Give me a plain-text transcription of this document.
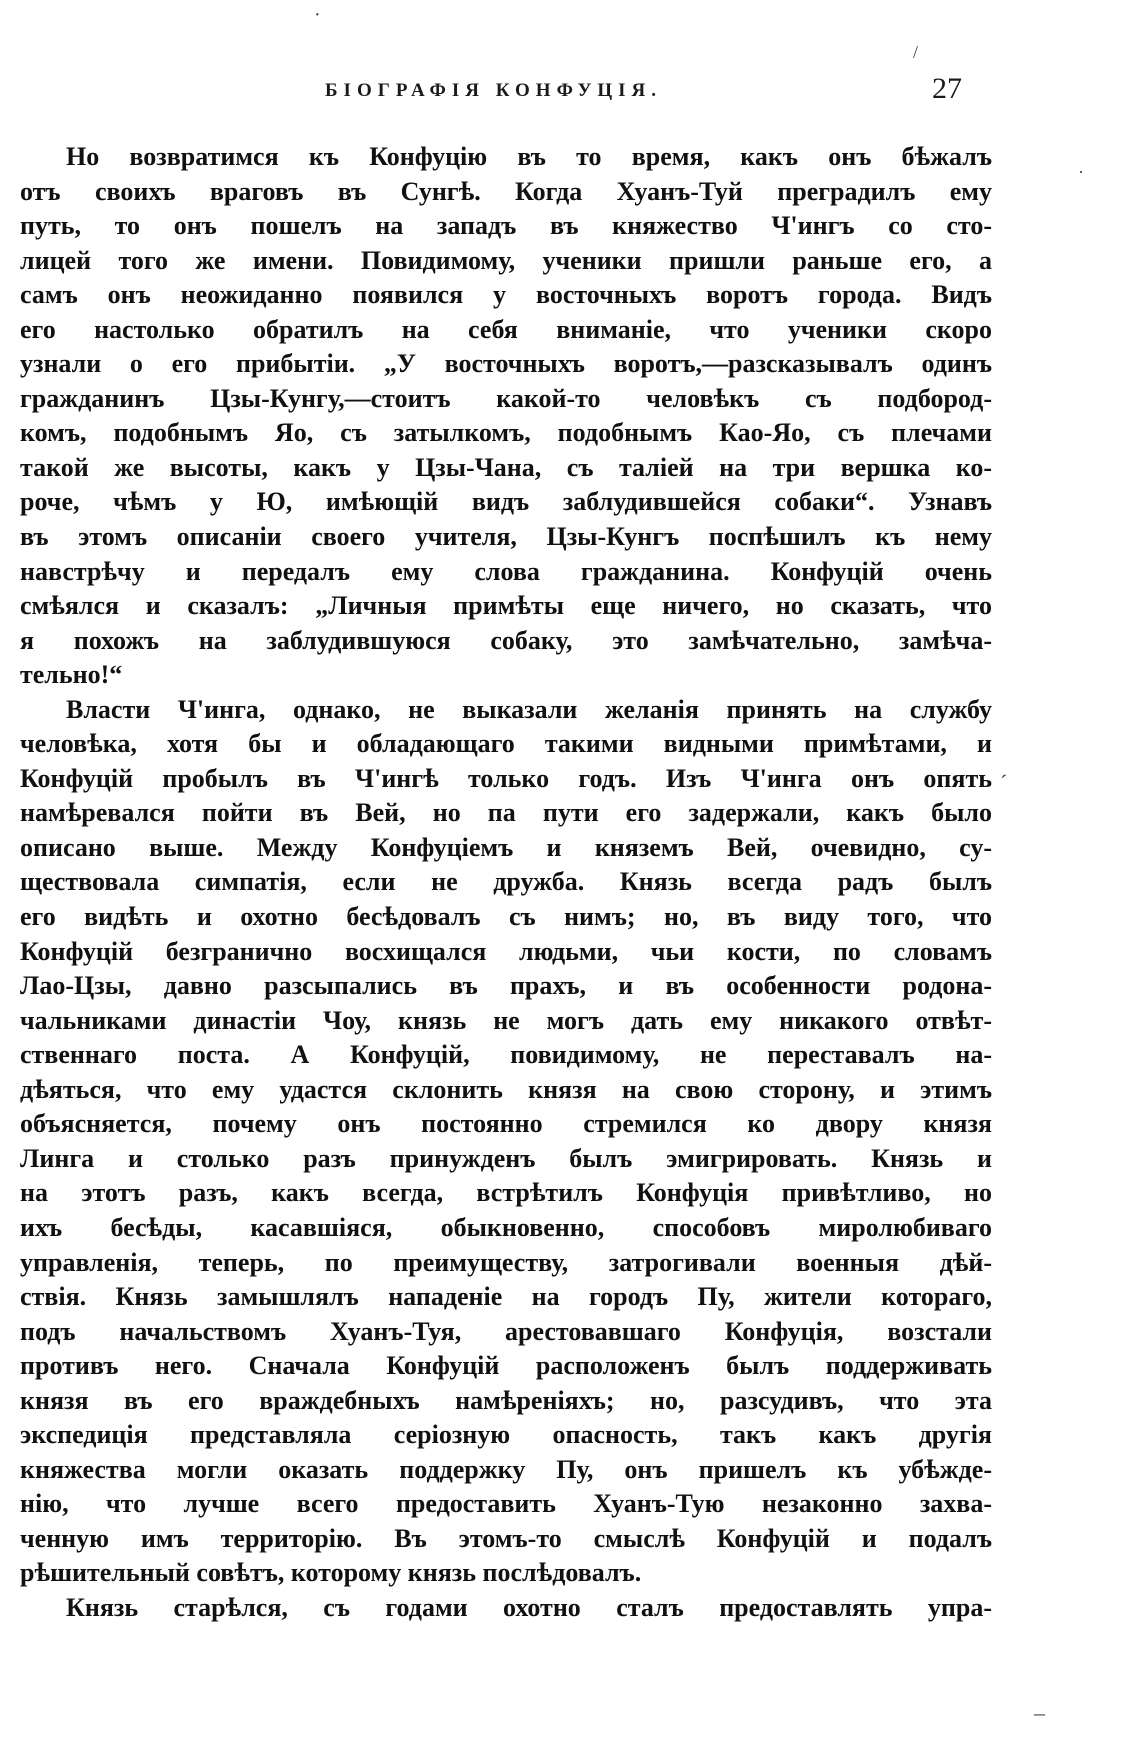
·
/
БІОГРАФІЯ КОНФУЦІЯ.	27
Но возвратимся къ Конфуцію въ то время, какъ онъ бѣжалъ
отъ своихъ враговъ въ Сунгѣ. Когда Хуанъ-Туй преградилъ ему
путь, то онъ пошелъ на западъ въ княжество Ч'ингъ со сто-
лицей того же имени. Повидимому, ученики пришли раньше его, а
самъ онъ неожиданно появился у восточныхъ воротъ города. Видъ
его настолько обратилъ на себя вниманіе, что ученики скоро
узнали о его прибытіи. „У восточныхъ воротъ,—разсказывалъ одинъ
гражданинъ Цзы-Кунгу,—стоитъ какой-то человѣкъ съ подбород-
комъ, подобнымъ Яо, съ затылкомъ, подобнымъ Као-Яо, съ плечами
такой же высоты, какъ у Цзы-Чана, съ таліей на три вершка ко-
роче, чѣмъ у Ю, имѣющій видъ заблудившейся собаки“. Узнавъ
въ этомъ описаніи своего учителя, Цзы-Кунгъ поспѣшилъ къ нему
навстрѣчу и передалъ ему слова гражданина. Конфуцій очень
смѣялся и сказалъ: „Личныя примѣты еще ничего, но сказать, что
я похожъ на заблудившуюся собаку, это замѣчательно, замѣча-
тельно!“
Власти Ч'инга, однако, не выказали желанія принять на службу
человѣка, хотя бы и обладающаго такими видными примѣтами, и
Конфуцій пробылъ въ Ч'ингѣ только годъ. Изъ Ч'инга онъ опять
намѣревался пойти въ Вей, но па пути его задержали, какъ было
описано выше. Между Конфуціемъ и княземъ Вей, очевидно, су-
ществовала симпатія, если не дружба. Князь всегда радъ былъ
его видѣть и охотно бесѣдовалъ съ нимъ; но, въ виду того, что
Конфуцій безгранично восхищался людьми, чьи кости, по словамъ
Лао-Цзы, давно разсыпались въ прахъ, и въ особенности родона-
чальниками династіи Чоу, князь не могъ дать ему никакого отвѣт-
ственнаго поста. А Конфуцій, повидимому, не переставалъ на-
дѣяться, что ему удастся склонить князя на свою сторону, и этимъ
объясняется, почему онъ постоянно стремился ко двору князя
Линга и столько разъ принужденъ былъ эмигрировать. Князь и
на этотъ разъ, какъ всегда, встрѣтилъ Конфуція привѣтливо, но
ихъ бесѣды, касавшіяся, обыкновенно, способовъ миролюбиваго
управленія, теперь, по преимуществу, затрогивали военныя дѣй-
ствія. Князь замышлялъ нападеніе на городъ Пу, жители котораго,
подъ начальствомъ Хуанъ-Туя, арестовавшаго Конфуція, возстали
противъ него. Сначала Конфуцій расположенъ былъ поддерживать
князя въ его враждебныхъ намѣреніяхъ; но, разсудивъ, что эта
экспедиція представляла серіозную опасность, такъ какъ другія
княжества могли оказать поддержку Пу, онъ пришелъ къ убѣжде-
нію, что лучше всего предоставить Хуанъ-Тую незаконно захва-
ченную имъ территорію. Въ этомъ-то смыслѣ Конфуцій и подалъ
рѣшительный совѣтъ, которому князь послѣдовалъ.
Князь старѣлся, съ годами охотно сталъ предоставлять упра-
·
´
–
